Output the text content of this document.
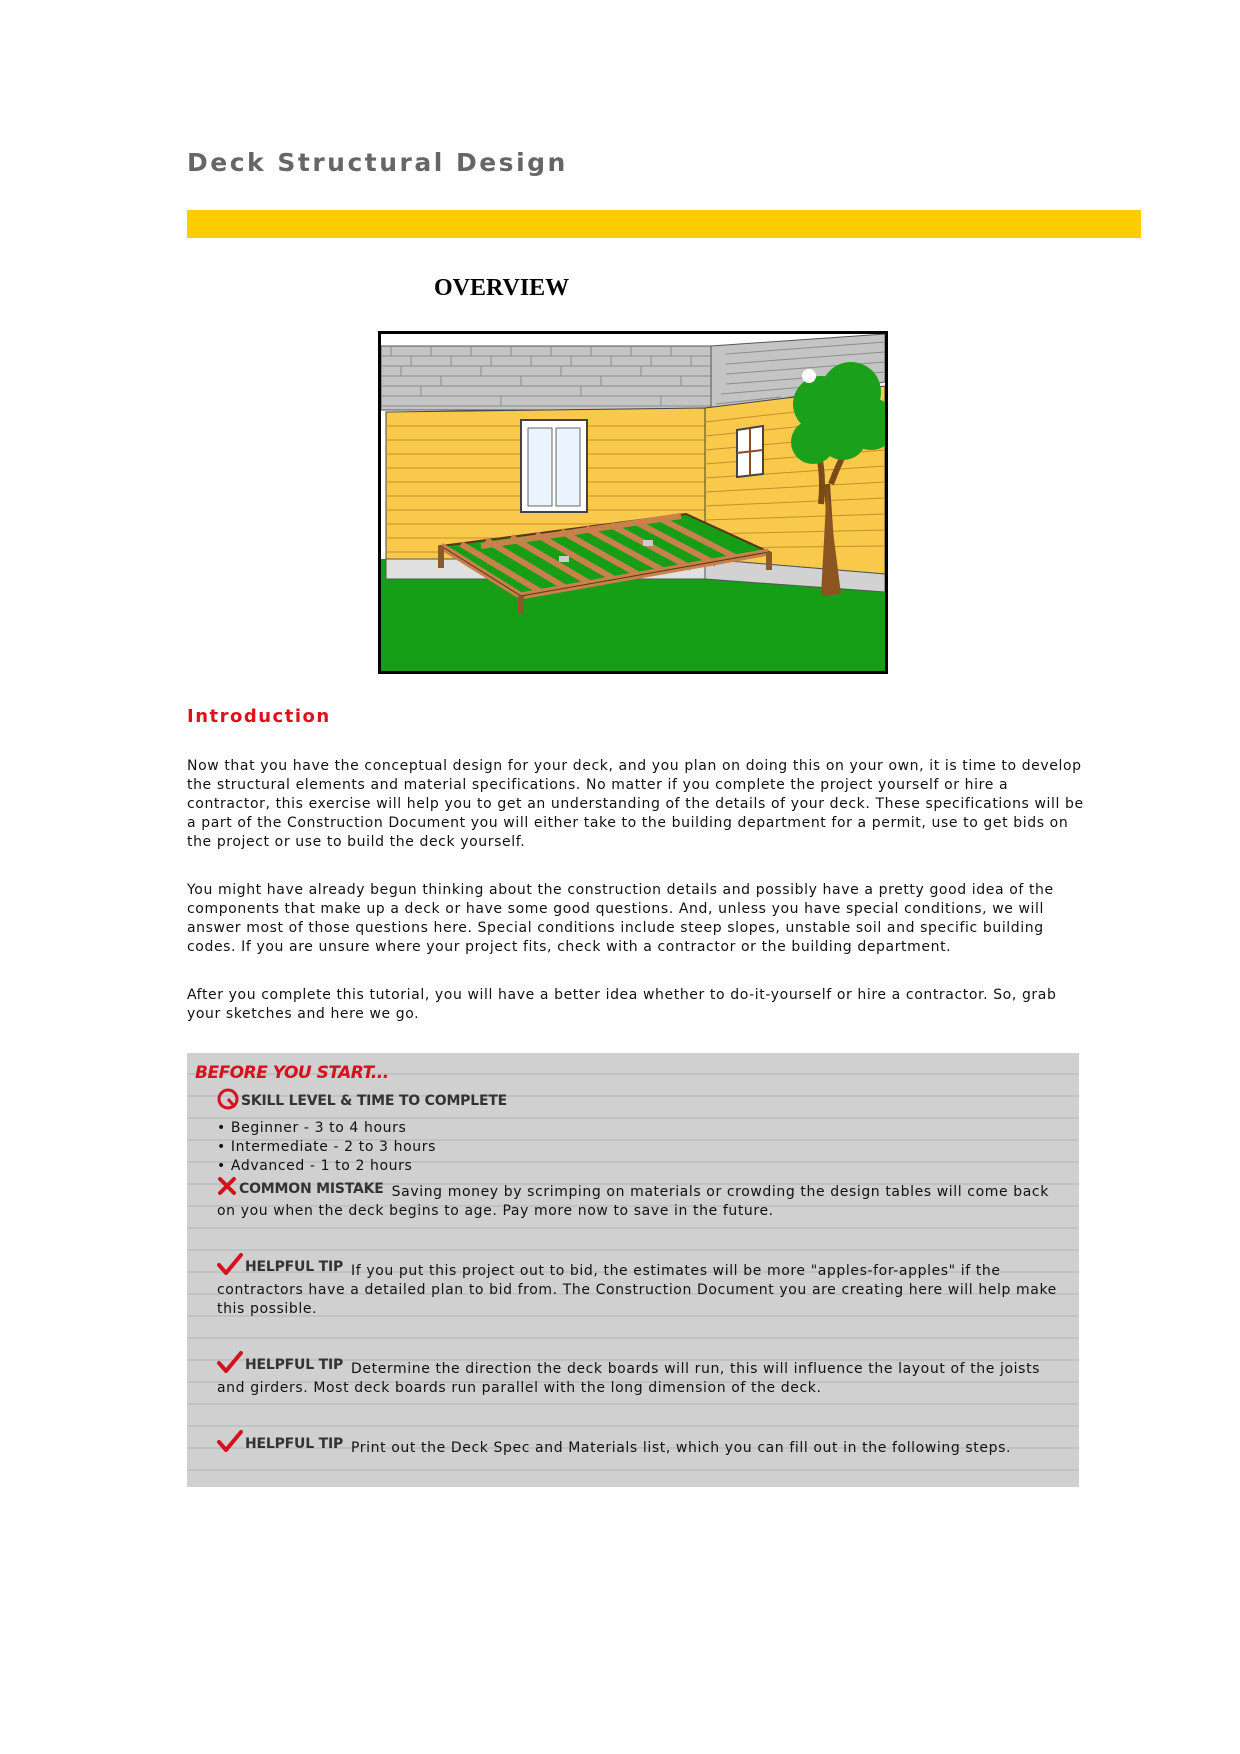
Deck Structural Design
OVERVIEW
Introduction

Now that you have the conceptual design for your deck, and you plan on doing this on your own, it is time to develop the structural elements and material specifications. No matter if you complete the project yourself or hire a contractor, this exercise will help you to get an understanding of the details of your deck. These specifications will be a part of the Construction Document you will either take to the building department for a permit, use to get bids on the project or use to build the deck yourself.

You might have already begun thinking about the construction details and possibly have a pretty good idea of the components that make up a deck or have some good questions. And, unless you have special conditions, we will answer most of those questions here. Special conditions include steep slopes, unstable soil and specific building codes. If you are unsure where your project fits, check with a contractor or the building department.

After you complete this tutorial, you will have a better idea whether to do-it-yourself or hire a contractor. So, grab your sketches and here we go.

BEFORE YOU START...
SKILL LEVEL & TIME TO COMPLETE
• Beginner - 3 to 4 hours
• Intermediate - 2 to 3 hours
• Advanced - 1 to 2 hours
COMMON MISTAKE Saving money by scrimping on materials or crowding the design tables will come back on you when the deck begins to age. Pay more now to save in the future.
HELPFUL TIP If you put this project out to bid, the estimates will be more "apples-for-apples" if the contractors have a detailed plan to bid from. The Construction Document you are creating here will help make this possible.
HELPFUL TIP Determine the direction the deck boards will run, this will influence the layout of the joists and girders. Most deck boards run parallel with the long dimension of the deck.
HELPFUL TIP Print out the Deck Spec and Materials list, which you can fill out in the following steps.
